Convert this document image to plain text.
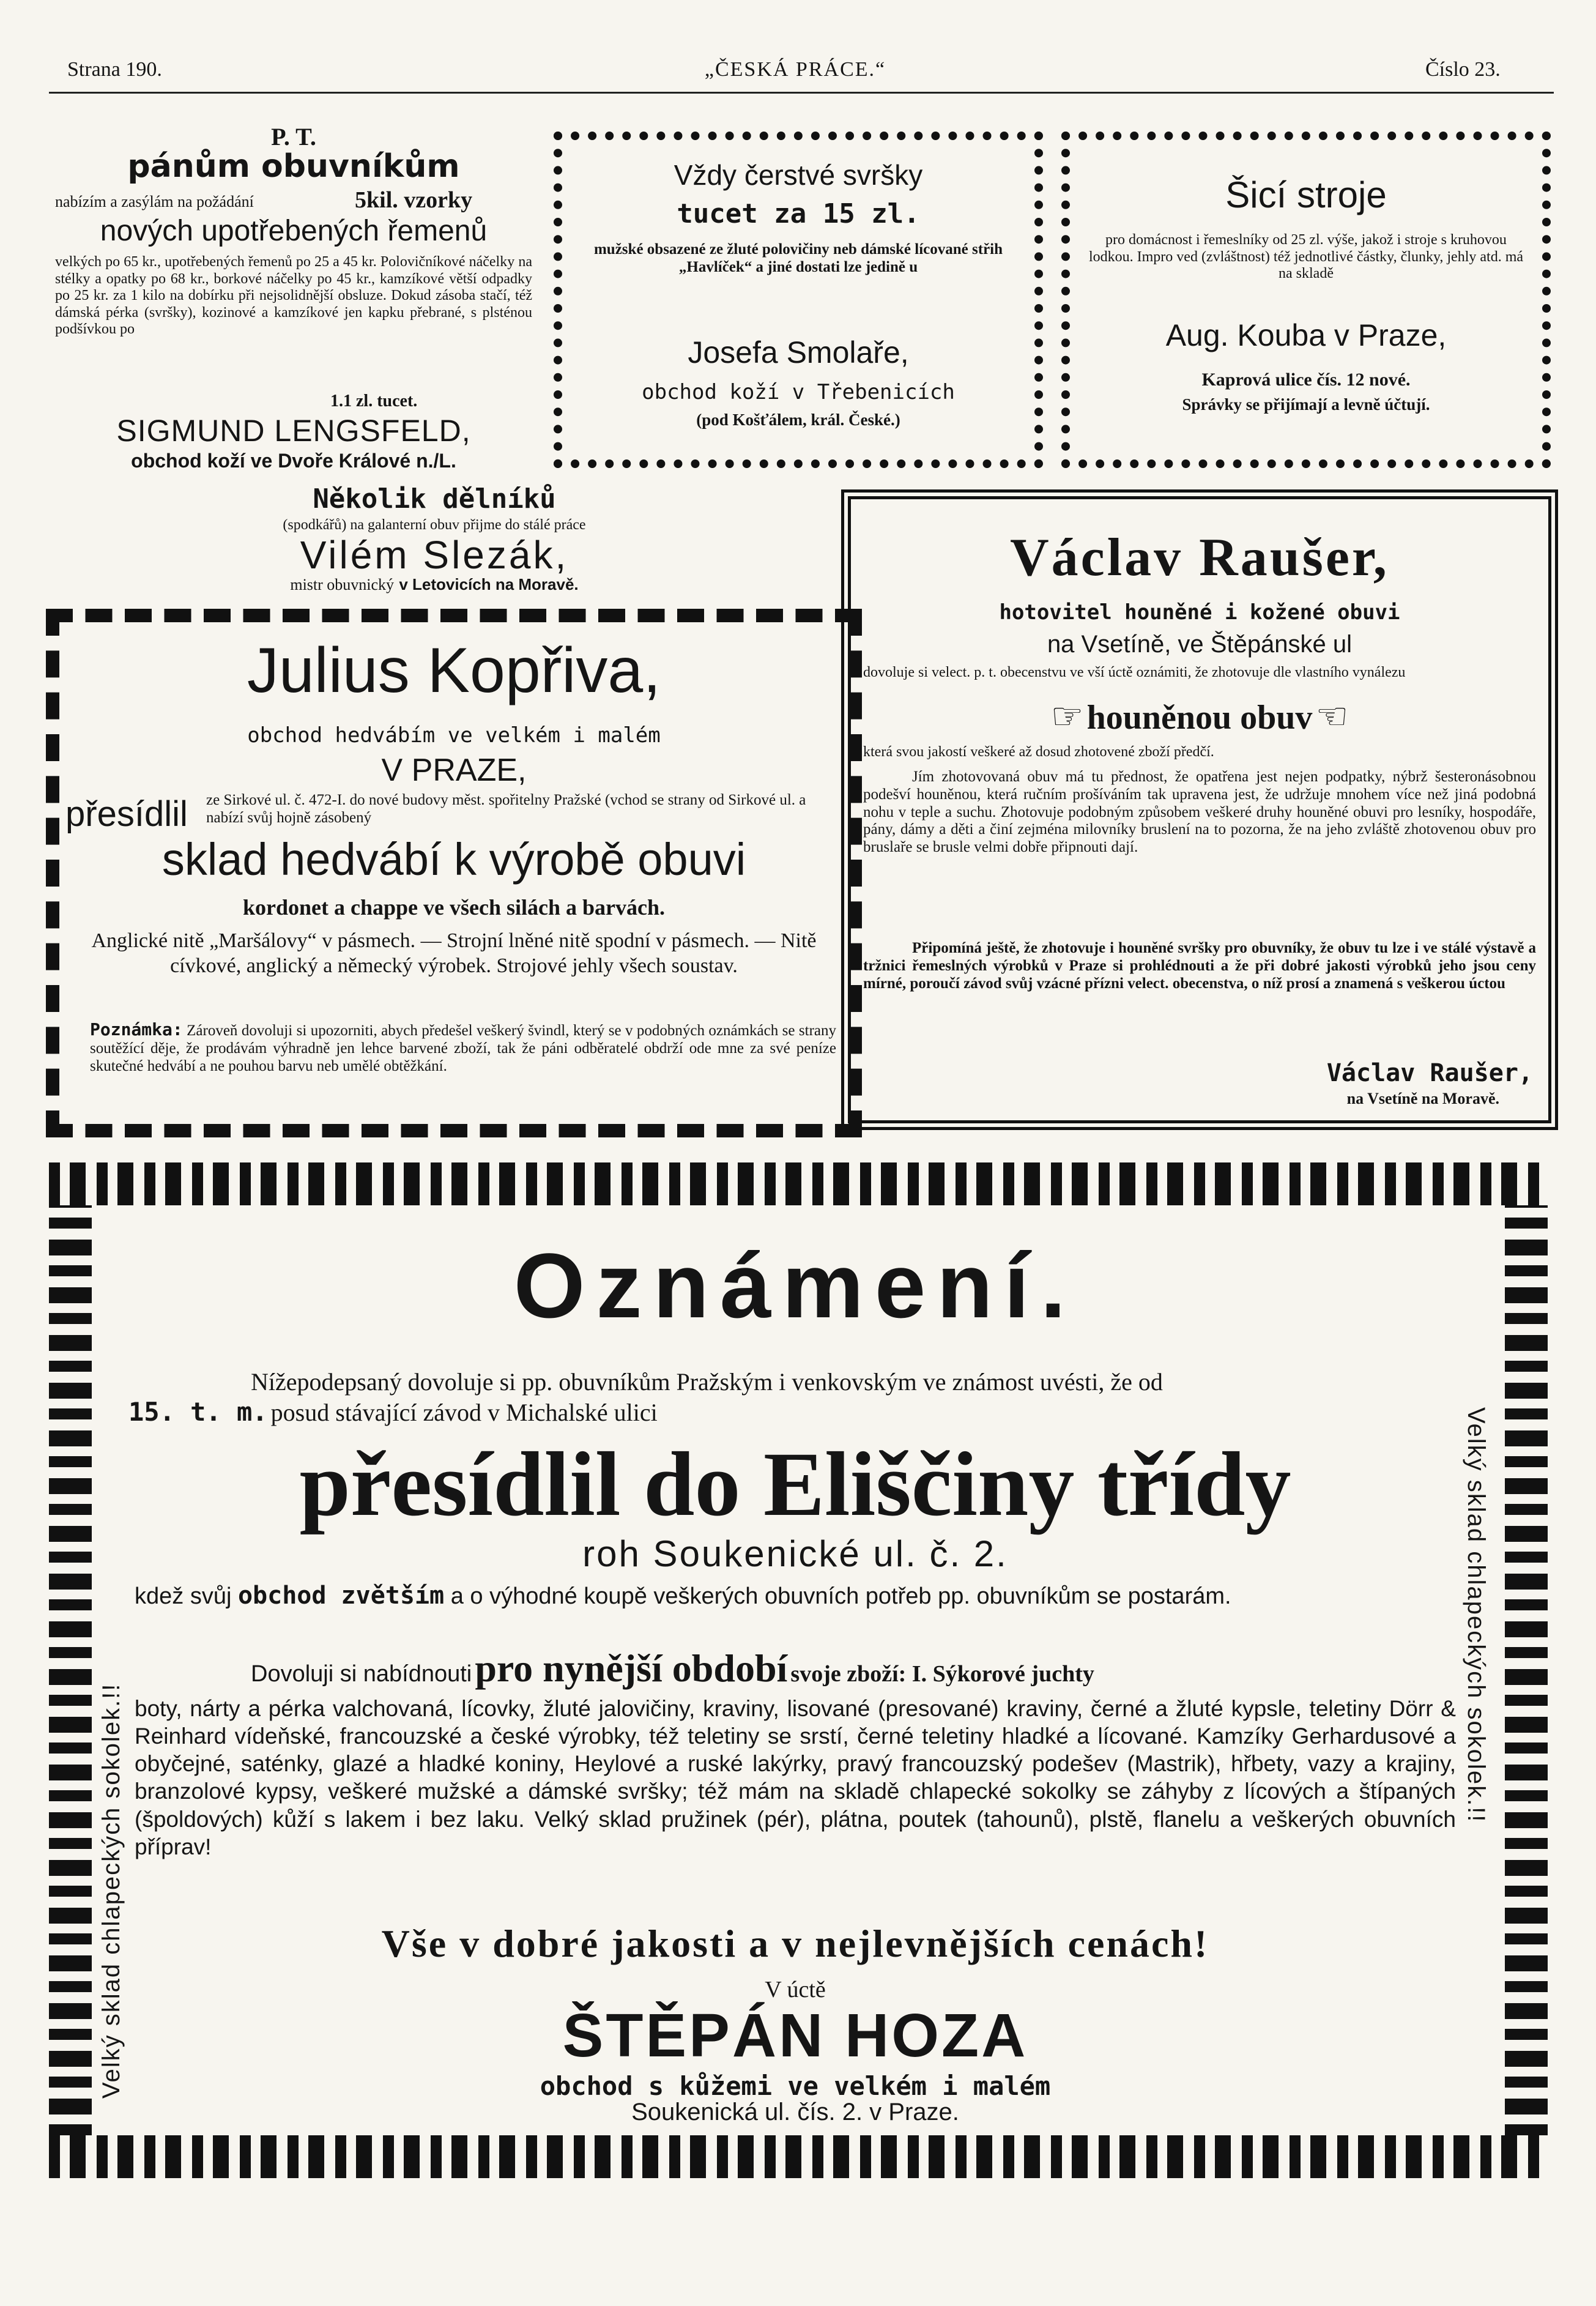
Strana 190.	„ČESKÁ PRÁCE.“	Číslo 23.
P. T.
pánům obuvníkům
nabízím a zasýlám na požádání	5kil. vzorky
nových upotřebených řemenů
velkých po 65 kr., upotřebených řemenů po 25 a 45 kr. Polovičníkové náčelky na stélky a opatky po 68 kr., borkové náčelky po 45 kr., kamzíkové větší odpadky po 25 kr. za 1 kilo na dobírku při nejsolidnější obsluze. Dokud zásoba stačí, též dámská pérka (svršky), kozinové a kamzíkové jen kapku přebrané, s plsténou podšívkou po
1.1 zl. tucet.
SIGMUND LENGSFELD,
obchod koží ve Dvoře Králové n./L.
Vždy čerstvé svršky
tucet za 15 zl.
mužské obsazené ze žluté polovičiny neb dámské lícované střih „Havlíček“ a jiné dostati lze jedině u
Josefa Smolaře,
obchod koží v Třebenicích
(pod Košťálem, král. České.)
Šicí stroje
pro domácnost i řemeslníky od 25 zl. výše, jakož i stroje s kruhovou lodkou. Impro ved (zvláštnost) též jednotlivé částky, člunky, jehly atd. má na skladě
Aug. Kouba v Praze,
Kaprová ulice čís. 12 nové.
Správky se přijímají a levně účtují.
Několik dělníků
(spodkářů) na galanterní obuv přijme do stálé práce
Vilém Slezák,
mistr obuvnický v Letovicích na Moravě.
Julius Kopřiva,
obchod hedvábím ve velkém i malém
V PRAZE,
přesídlil ze Sirkové ul. č. 472-I. do nové budovy měst. spořitelny Pražské (vchod se strany od Sirkové ul. a nabízí svůj hojně zásobený
sklad hedvábí k výrobě obuvi
kordonet a chappe ve všech silách a barvách.
Anglické nitě „Maršálovy“ v pásmech. — Strojní lněné nitě spodní v pásmech. — Nitě cívkové, anglický a německý výrobek. Strojové jehly všech soustav.
Poznámka: Zároveň dovoluji si upozorniti, abych předešel veškerý švindl, který se v podobných oznámkách se strany soutěžící děje, že prodávám výhradně jen lehce barvené zboží, tak že páni odběratelé obdrží ode mne za své peníze skutečné hedvábí a ne pouhou barvu neb umělé obtěžkání.
Václav Raušer,
hotovitel houněné i kožené obuvi
na Vsetíně, ve Štěpánské ul
dovoluje si velect. p. t. obecenstvu ve vší úctě oznámiti, že zhotovuje dle vlastního vynálezu
☞ houněnou obuv ☜
která svou jakostí veškeré až dosud zhotovené zboží předčí.
Jím zhotovovaná obuv má tu přednost, že opatřena jest nejen podpatky, nýbrž šesteronásobnou podešví houněnou, která ručním prošíváním tak upravena jest, že udržuje mnohem více než jiná podobná nohu v teple a suchu. Zhotovuje podobným způsobem veškeré druhy houněné obuvi pro lesníky, hospodáře, pány, dámy a děti a činí zejména milovníky bruslení na to pozorna, že na jeho zvláště zhotovenou obuv pro bruslaře se brusle velmi dobře připnouti dají.
Připomíná ještě, že zhotovuje i houněné svršky pro obuvníky, že obuv tu lze i ve stálé výstavě a tržnici řemeslných výrobků v Praze si prohlédnouti a že při dobré jakosti výrobků jeho jsou ceny mírné, poroučí závod svůj vzácné přízni velect. obecenstva, o níž prosí a znamená s veškerou úctou
Václav Raušer,
na Vsetíně na Moravě.
Velký sklad chlapeckých sokolek.!!
Velký sklad chlapeckých sokolek.!!
Oznámení.
Nížepodepsaný dovoluje si pp. obuvníkům Pražským i venkovským ve známost uvésti, že od
15. t. m. posud stávající závod v Michalské ulici
přesídlil do Eliščiny třídy
roh Soukenické ul. č. 2.
kdež svůj obchod zvětším a o výhodné koupě veškerých obuvních potřeb pp. obuvníkům se postarám.
Dovoluji si nabídnouti pro nynější období svoje zboží: I. Sýkorové juchty
boty, nárty a pérka valchovaná, lícovky, žluté jalovičiny, kraviny, lisované (presované) kraviny, černé a žluté kypsle, teletiny Dörr & Reinhard vídeňské, francouzské a české výrobky, též teletiny se srstí, černé teletiny hladké a lícované. Kamzíky Gerhardusové a obyčejné, saténky, glazé a hladké koniny, Heylové a ruské lakýrky, pravý francouzský podešev (Mastrik), hřbety, vazy a krajiny, branzolové kypsy, veškeré mužské a dámské svršky; též mám na skladě chlapecké sokolky se záhyby z lícových a štípaných (špoldových) kůží s lakem i bez laku. Velký sklad pružinek (pér), plátna, poutek (tahounů), plstě, flanelu a veškerých obuvních příprav!
Vše v dobré jakosti a v nejlevnějších cenách!
V úctě
ŠTĚPÁN HOZA
obchod s kůžemi ve velkém i malém
Soukenická ul. čís. 2. v Praze.
